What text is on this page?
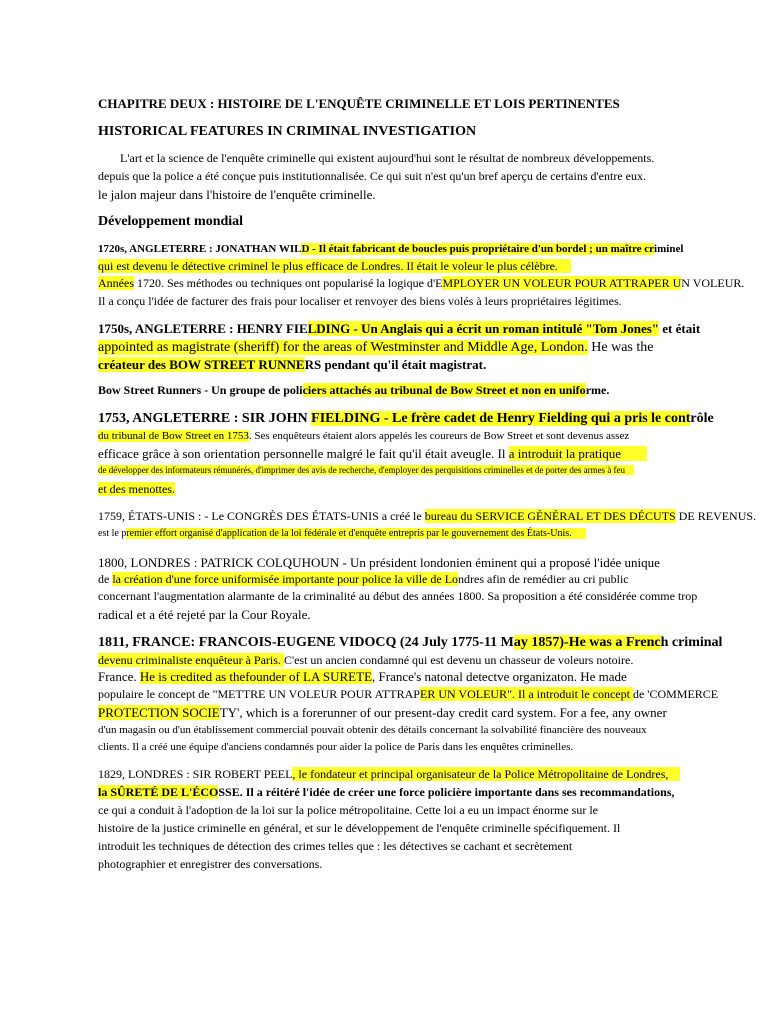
CHAPITRE DEUX : HISTOIRE DE L'ENQUÊTE CRIMINELLE ET LOIS PERTINENTES
HISTORICAL FEATURES IN CRIMINAL INVESTIGATION
L'art et la science de l'enquête criminelle qui existent aujourd'hui sont le résultat de nombreux développements.
depuis que la police a été conçue puis institutionnalisée. Ce qui suit n'est qu'un bref aperçu de certains d'entre eux.
le jalon majeur dans l'histoire de l'enquête criminelle.
Développement mondial
1720s, ANGLETERRE : JONATHAN WILD - Il était fabricant de boucles puis propriétaire d'un bordel ; un maître criminel
qui est devenu le détective criminel le plus efficace de Londres. Il était le voleur le plus célèbre.
Années 1720. Ses méthodes ou techniques ont popularisé la logique d'EMPLOYER UN VOLEUR POUR ATTRAPER UN VOLEUR.
Il a conçu l'idée de facturer des frais pour localiser et renvoyer des biens volés à leurs propriétaires légitimes.
1750s, ANGLETERRE : HENRY FIELDING - Un Anglais qui a écrit un roman intitulé "Tom Jones" et était
appointed as magistrate (sheriff) for the areas of Westminster and Middle Age, London. He was the
créateur des BOW STREET RUNNERS pendant qu'il était magistrat.
Bow Street Runners - Un groupe de policiers attachés au tribunal de Bow Street et non en uniforme.
1753, ANGLETERRE : SIR JOHN FIELDING - Le frère cadet de Henry Fielding qui a pris le contrôle
du tribunal de Bow Street en 1753. Ses enquêteurs étaient alors appelés les coureurs de Bow Street et sont devenus assez
efficace grâce à son orientation personnelle malgré le fait qu'il était aveugle. Il a introduit la pratique
de développer des informateurs rémunérés, d'imprimer des avis de recherche, d'employer des perquisitions criminelles et de porter des armes à feu
et des menottes.
1759, ÉTATS-UNIS : - Le CONGRÈS DES ÉTATS-UNIS a créé le bureau du SERVICE GÉNÉRAL ET DES DÉCUTS DE REVENUS.
est le premier effort organisé d'application de la loi fédérale et d'enquête entrepris par le gouvernement des États-Unis.
1800, LONDRES : PATRICK COLQUHOUN - Un président londonien éminent qui a proposé l'idée unique
de la création d'une force uniformisée importante pour police la ville de Londres afin de remédier au cri public
concernant l'augmentation alarmante de la criminalité au début des années 1800. Sa proposition a été considérée comme trop
radical et a été rejeté par la Cour Royale.
1811, FRANCE: FRANCOIS-EUGENE VIDOCQ (24 July 1775-11 May 1857)-He was a French criminal
devenu criminaliste enquêteur à Paris. C'est un ancien condamné qui est devenu un chasseur de voleurs notoire.
France. He is credited as thefounder of LA SURETE, France's natonal detectve organizaton. He made
populaire le concept de "METTRE UN VOLEUR POUR ATTRAPER UN VOLEUR". Il a introduit le concept de 'COMMERCE
PROTECTION SOCIETY', which is a forerunner of our present-day credit card system. For a fee, any owner
d'un magasin ou d'un établissement commercial pouvait obtenir des détails concernant la solvabilité financière des nouveaux
clients. Il a créé une équipe d'anciens condamnés pour aider la police de Paris dans les enquêtes criminelles.
1829, LONDRES : SIR ROBERT PEEL, le fondateur et principal organisateur de la Police Métropolitaine de Londres,
la SÛRETÉ DE L'ÉCOSSE. Il a réitéré l'idée de créer une force policière importante dans ses recommandations,
ce qui a conduit à l'adoption de la loi sur la police métropolitaine. Cette loi a eu un impact énorme sur le
histoire de la justice criminelle en général, et sur le développement de l'enquête criminelle spécifiquement. Il
introduit les techniques de détection des crimes telles que : les détectives se cachant et secrètement
photographier et enregistrer des conversations.
